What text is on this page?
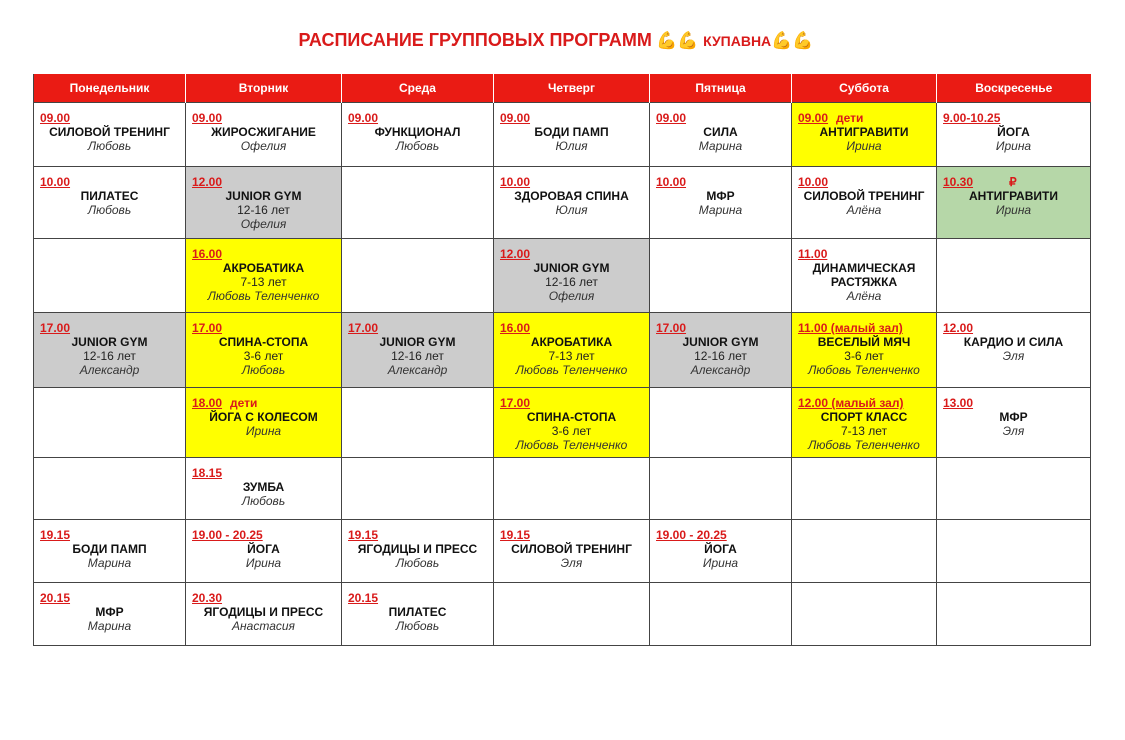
РАСПИСАНИЕ ГРУППОВЫХ ПРОГРАММ 💪💪 КУПАВНА💪💪
Понедельник	Вторник	Среда	Четверг	Пятница	Суббота	Воскресенье

09.00
СИЛОВОЙ ТРЕНИНГ
Любовь	09.00
ЖИРОСЖИГАНИЕ
Офелия	09.00
ФУНКЦИОНАЛ
Любовь	09.00
БОДИ ПАМП
Юлия	09.00
СИЛА
Марина	09.00 дети
АНТИГРАВИТИ
Ирина	9.00-10.25
ЙОГА
Ирина

10.00
ПИЛАТЕС
Любовь	12.00
JUNIOR GYM
12-16 лет
Офелия		10.00
ЗДОРОВАЯ СПИНА
Юлия	10.00
МФР
Марина	10.00
СИЛОВОЙ ТРЕНИНГ
Алёна	10.30 ₽
АНТИГРАВИТИ
Ирина

	16.00
АКРОБАТИКА
7-13 лет
Любовь Теленченко		12.00
JUNIOR GYM
12-16 лет
Офелия		11.00
ДИНАМИЧЕСКАЯ РАСТЯЖКА
Алёна	

17.00
JUNIOR GYM
12-16 лет
Александр	17.00
СПИНА-СТОПА
3-6 лет
Любовь	17.00
JUNIOR GYM
12-16 лет
Александр	16.00
АКРОБАТИКА
7-13 лет
Любовь Теленченко	17.00
JUNIOR GYM
12-16 лет
Александр	11.00 (малый зал)
ВЕСЕЛЫЙ МЯЧ
3-6 лет
Любовь Теленченко	12.00
КАРДИО И СИЛА
Эля

	18.00 дети
ЙОГА С КОЛЕСОМ
Ирина		17.00
СПИНА-СТОПА
3-6 лет
Любовь Теленченко		12.00 (малый зал)
СПОРТ КЛАСС
7-13 лет
Любовь Теленченко	13.00
МФР
Эля

	18.15
ЗУМБА
Любовь					

19.15
БОДИ ПАМП
Марина	19.00 - 20.25
ЙОГА
Ирина	19.15
ЯГОДИЦЫ И ПРЕСС
Любовь	19.15
СИЛОВОЙ ТРЕНИНГ
Эля	19.00 - 20.25
ЙОГА
Ирина		

20.15
МФР
Марина	20.30
ЯГОДИЦЫ И ПРЕСС
Анастасия	20.15
ПИЛАТЕС
Любовь				
